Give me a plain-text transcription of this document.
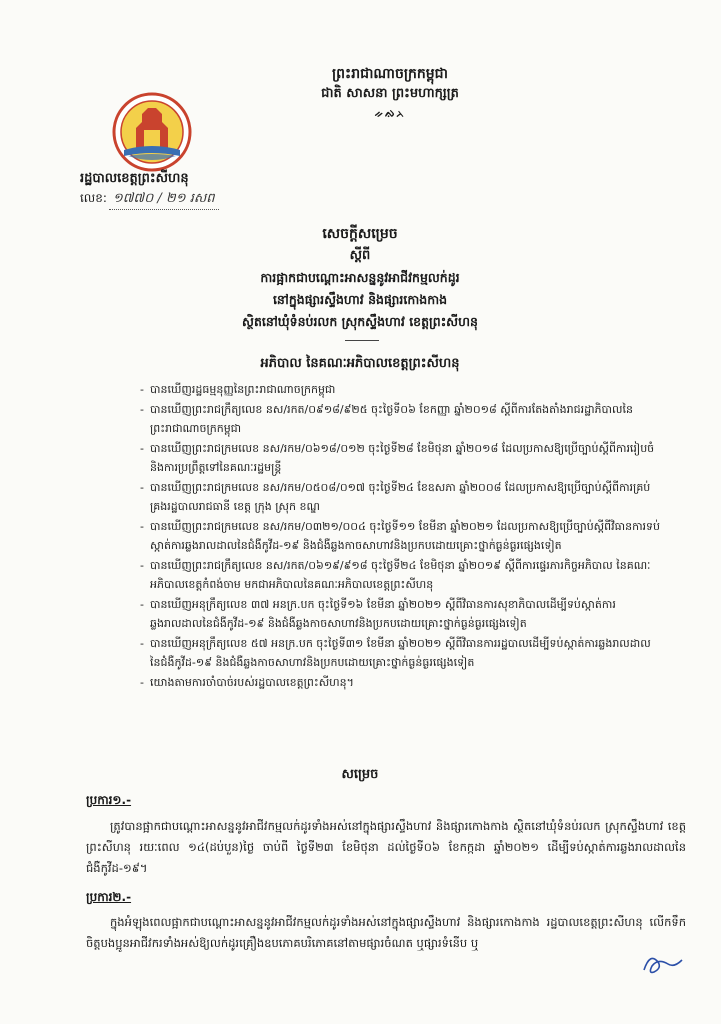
ព្រះរាជាណាចក្រកម្ពុជា
ជាតិ សាសនា ព្រះមហាក្សត្រ
ᨀᨁᨂ
រដ្ឋបាលខេត្តព្រះសីហនុ
លេខ: ១៧៧០ / ២១ រសព
សេចក្តីសម្រេច
ស្តីពី
ការផ្អាកជាបណ្តោះអាសន្ននូវអាជីវកម្មលក់ដូរ
នៅក្នុងផ្សារស្ទឹងហាវ និងផ្សារកោងកាង
ស្ថិតនៅឃុំទំនប់រលក ស្រុកស្ទឹងហាវ ខេត្តព្រះសីហនុ
អភិបាល នៃគណៈអភិបាលខេត្តព្រះសីហនុ
- បានឃើញរដ្ឋធម្មនុញ្ញនៃព្រះរាជាណាចក្រកម្ពុជា
- បានឃើញព្រះរាជក្រឹត្យលេខ នស/រកត/០៩១៨/៩២៥ ចុះថ្ងៃទី០៦ ខែកញ្ញា ឆ្នាំ២០១៨ ស្តីពីការតែងតាំងរាជរដ្ឋាភិបាលនៃព្រះរាជាណាចក្រកម្ពុជា
- បានឃើញព្រះរាជក្រមលេខ នស/រកម/០៦១៨/០១២ ចុះថ្ងៃទី២៨ ខែមិថុនា ឆ្នាំ២០១៨ ដែលប្រកាសឱ្យប្រើច្បាប់ស្តីពីការរៀបចំ និងការប្រព្រឹត្តទៅនៃគណៈរដ្ឋមន្ត្រី
- បានឃើញព្រះរាជក្រមលេខ នស/រកម/០៥០៨/០១៧ ចុះថ្ងៃទី២៤ ខែឧសភា ឆ្នាំ២០០៨ ដែលប្រកាសឱ្យប្រើច្បាប់ស្តីពីការគ្រប់គ្រងរដ្ឋបាលរាជធានី ខេត្ត ក្រុង ស្រុក ខណ្ឌ
- បានឃើញព្រះរាជក្រមលេខ នស/រកម/០៣២១/០០៤ ចុះថ្ងៃទី១១ ខែមីនា ឆ្នាំ២០២១ ដែលប្រកាសឱ្យប្រើច្បាប់ស្តីពីវិធានការទប់ស្កាត់ការឆ្លងរាលដាលនៃជំងឺកូវីដ-១៩ និងជំងឺឆ្លងកាចសាហាវនិងប្រកបដោយគ្រោះថ្នាក់ធ្ងន់ធ្ងរផ្សេងទៀត
- បានឃើញព្រះរាជក្រឹត្យលេខ នស/រកត/០៦១៩/៩១៨ ចុះថ្ងៃទី២៤ ខែមិថុនា ឆ្នាំ២០១៩ ស្តីពីការផ្ទេរភារកិច្ចអភិបាល នៃគណៈអភិបាលខេត្តកំពង់ចាម មកជាអភិបាលនៃគណៈអភិបាលខេត្តព្រះសីហនុ
- បានឃើញអនុក្រឹត្យលេខ ៣៧ អនក្រ.បក ចុះថ្ងៃទី១៦ ខែមីនា ឆ្នាំ២០២១ ស្តីពីវិធានការសុខាភិបាលដើម្បីទប់ស្កាត់ការឆ្លងរាលដាលនៃជំងឺកូវីដ-១៩ និងជំងឺឆ្លងកាចសាហាវនិងប្រកបដោយគ្រោះថ្នាក់ធ្ងន់ធ្ងរផ្សេងទៀត
- បានឃើញអនុក្រឹត្យលេខ ៥៧ អនក្រ.បក ចុះថ្ងៃទី៣១ ខែមីនា ឆ្នាំ២០២១ ស្តីពីវិធានការរដ្ឋបាលដើម្បីទប់ស្កាត់ការឆ្លងរាលដាលនៃជំងឺកូវីដ-១៩ និងជំងឺឆ្លងកាចសាហាវនិងប្រកបដោយគ្រោះថ្នាក់ធ្ងន់ធ្ងរផ្សេងទៀត
- យោងតាមការចាំបាច់របស់រដ្ឋបាលខេត្តព្រះសីហនុ។
សម្រេច
ប្រការ១.-
ត្រូវបានផ្អាកជាបណ្តោះអាសន្ននូវអាជីវកម្មលក់ដូរទាំងអស់នៅក្នុងផ្សារស្ទឹងហាវ និងផ្សារកោងកាង ស្ថិតនៅឃុំទំនប់រលក ស្រុកស្ទឹងហាវ ខេត្តព្រះសីហនុ រយៈពេល ១៤(ដប់បួន)ថ្ងៃ ចាប់ពី ថ្ងៃទី២៣ ខែមិថុនា ដល់ថ្ងៃទី០៦ ខែកក្កដា ឆ្នាំ២០២១ ដើម្បីទប់ស្កាត់ការឆ្លងរាលដាលនៃជំងឺកូវីដ-១៩។
ប្រការ២.-
ក្នុងអំឡុងពេលផ្អាកជាបណ្តោះអាសន្ននូវអាជីវកម្មលក់ដូរទាំងអស់នៅក្នុងផ្សារស្ទឹងហាវ និងផ្សារកោងកាង រដ្ឋបាលខេត្តព្រះសីហនុ លើកទឹកចិត្តបងប្អូនអាជីវករទាំងអស់ឱ្យលក់ដូរគ្រឿងឧបភោគបរិភោគនៅតាមផ្សារចំណត ឬផ្សារទំនើប ឬ
